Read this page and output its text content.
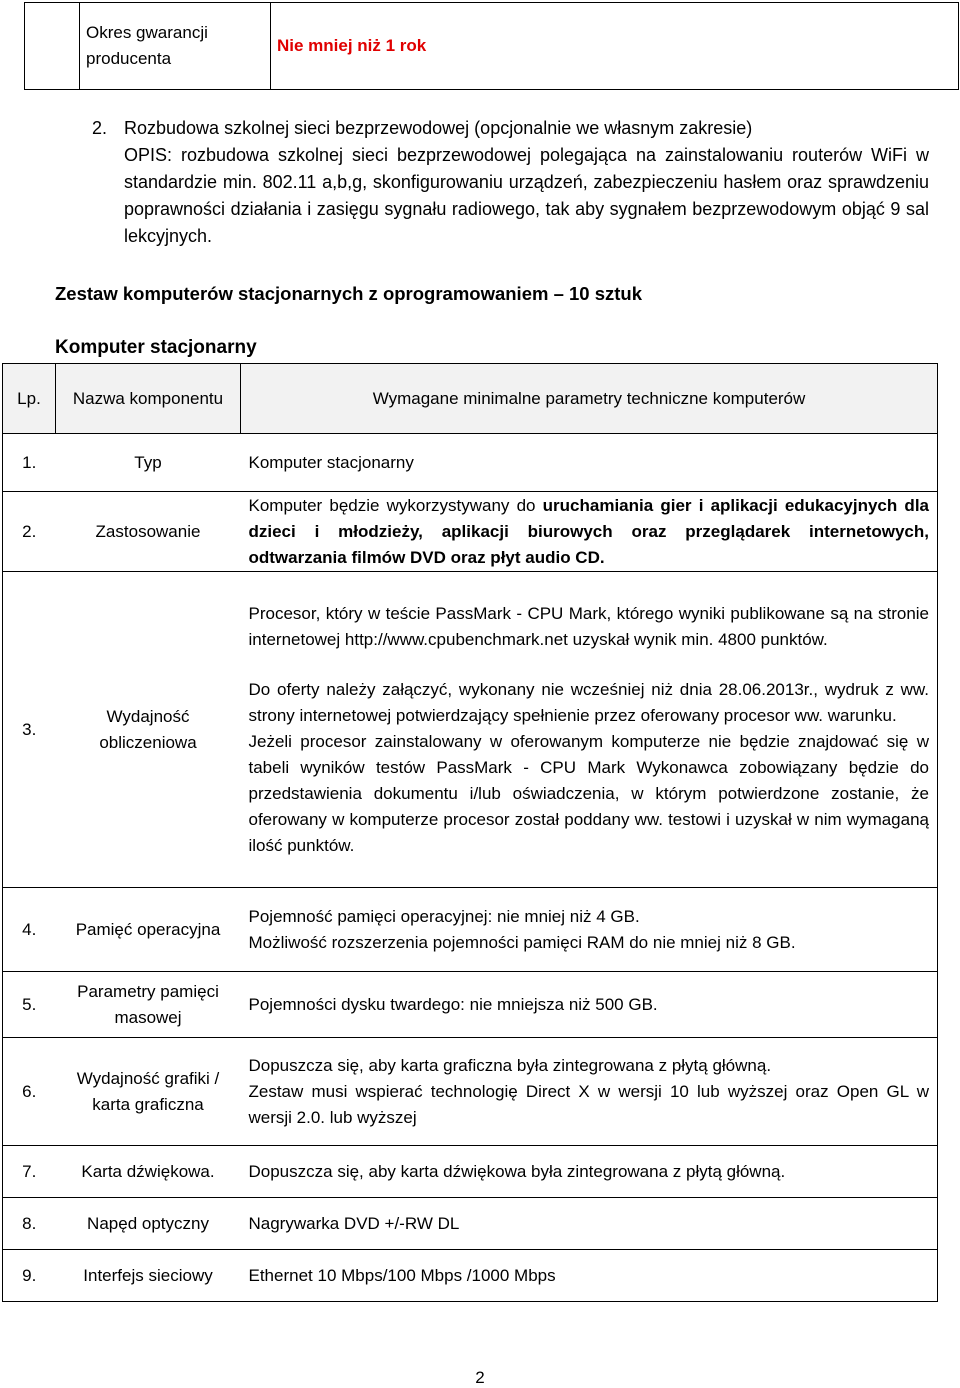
	Okres gwarancji producenta	Nie mniej niż 1 rok
2. Rozbudowa szkolnej sieci bezprzewodowej (opcjonalnie we własnym zakresie)
OPIS: rozbudowa szkolnej sieci bezprzewodowej polegająca na zainstalowaniu routerów WiFi w standardzie min. 802.11 a,b,g, skonfigurowaniu urządzeń, zabezpieczeniu hasłem oraz sprawdzeniu poprawności działania i zasięgu sygnału radiowego, tak aby sygnałem bezprzewodowym objąć 9 sal lekcyjnych.
Zestaw komputerów stacjonarnych z oprogramowaniem – 10 sztuk
Komputer stacjonarny
Lp.	Nazwa komponentu	Wymagane minimalne parametry techniczne komputerów
1.	Typ	Komputer stacjonarny
2.	Zastosowanie	Komputer będzie wykorzystywany do uruchamiania gier i aplikacji edukacyjnych dla dzieci i młodzieży, aplikacji biurowych oraz przeglądarek internetowych, odtwarzania filmów DVD oraz płyt audio CD.
3.	Wydajność obliczeniowa	Procesor, który w teście PassMark - CPU Mark, którego wyniki publikowane są na stronie internetowej http://www.cpubenchmark.net uzyskał wynik min. 4800 punktów.
Do oferty należy załączyć, wykonany nie wcześniej niż dnia 28.06.2013r., wydruk z ww. strony internetowej potwierdzający spełnienie przez oferowany procesor ww. warunku.
Jeżeli procesor zainstalowany w oferowanym komputerze nie będzie znajdować się w tabeli wyników testów PassMark - CPU Mark Wykonawca zobowiązany będzie do przedstawienia dokumentu i/lub oświadczenia, w którym potwierdzone zostanie, że oferowany w komputerze procesor został poddany ww. testowi i uzyskał w nim wymaganą ilość punktów.

4.	Pamięć operacyjna	Pojemność pamięci operacyjnej: nie mniej niż 4 GB.
Możliwość rozszerzenia pojemności pamięci RAM do nie mniej niż 8 GB.

5.	Parametry pamięci masowej	Pojemności dysku twardego: nie mniejsza niż 500 GB.
6.	Wydajność grafiki / karta graficzna	Dopuszcza się, aby karta graficzna była zintegrowana z płytą główną.
Zestaw musi wspierać technologię Direct X w wersji 10 lub wyższej oraz Open GL w wersji 2.0. lub wyższej

7.	Karta dźwiękowa.	Dopuszcza się, aby karta dźwiękowa była zintegrowana z płytą główną.
8.	Napęd optyczny	Nagrywarka DVD +/-RW DL
9.	Interfejs sieciowy	Ethernet 10 Mbps/100 Mbps /1000 Mbps
2
